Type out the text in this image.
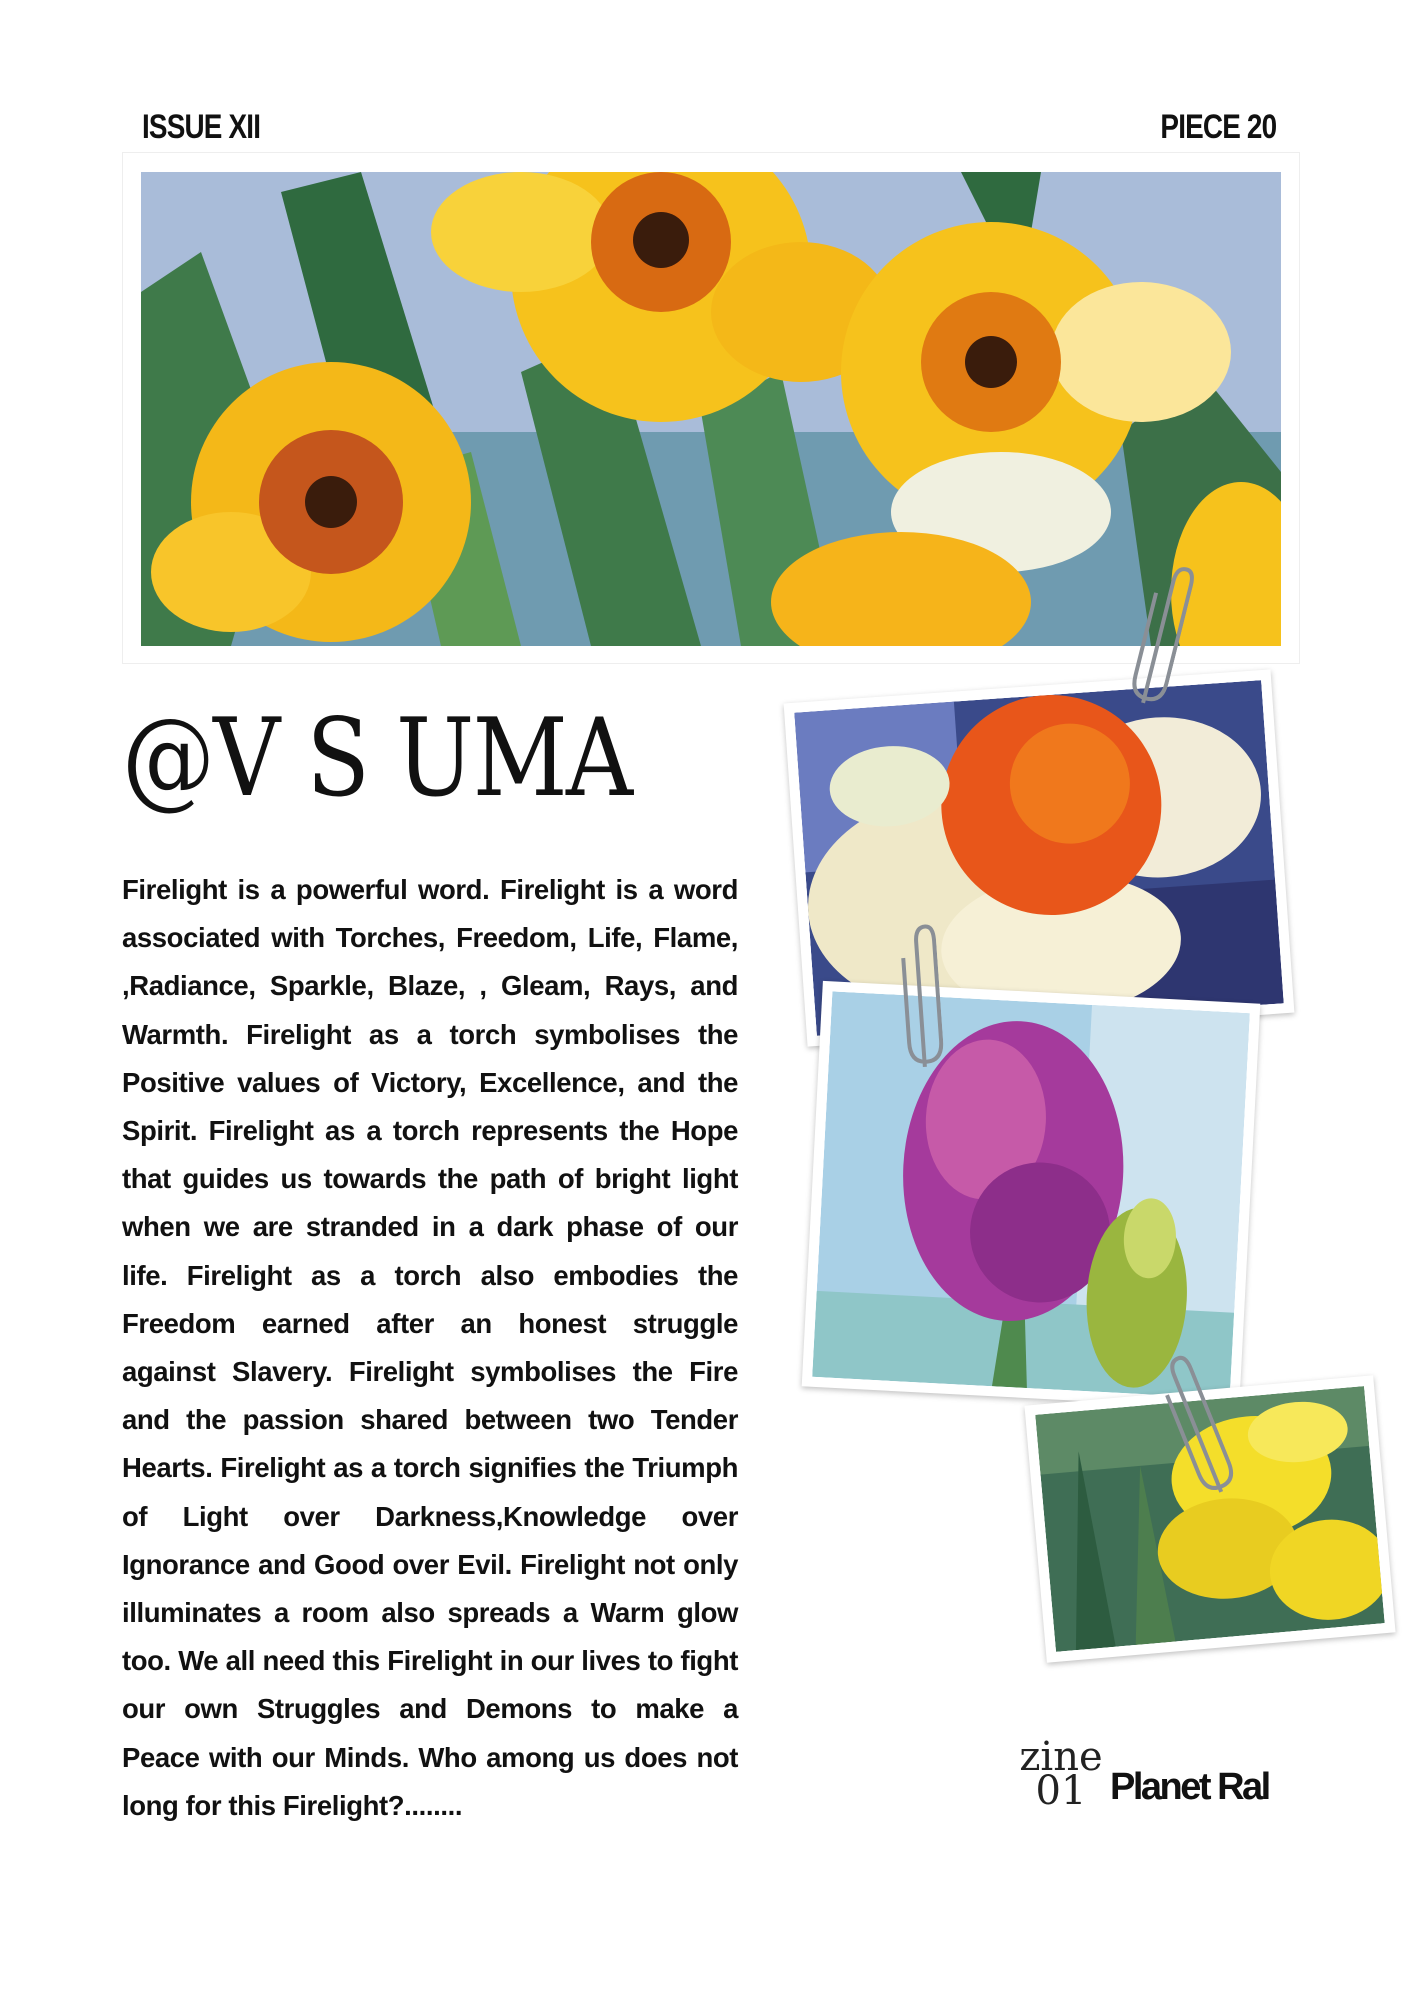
ISSUE XII	PIECE 20
@V S UMA
Firelight is a powerful word. Firelight is a word associated with Torches, Freedom, Life, Flame, ,Radiance, Sparkle, Blaze, , Gleam, Rays, and Warmth. Firelight as a torch symbolises the Positive values of Victory, Excellence, and the Spirit. Firelight as a torch represents the Hope that guides us towards the path of bright light when we are stranded in a dark phase of our life. Firelight as a torch also embodies the Freedom earned after an honest struggle against Slavery. Firelight symbolises the Fire and the passion shared between two Tender Hearts. Firelight as a torch signifies the Triumph of Light over Darkness,Knowledge over Ignorance and Good over Evil. Firelight not only illuminates a room also spreads a Warm glow too. We all need this Firelight in our lives to fight our own Struggles and Demons to make a Peace with our Minds. Who among us does not long for this Firelight?........
zine
01 Planet Ral
